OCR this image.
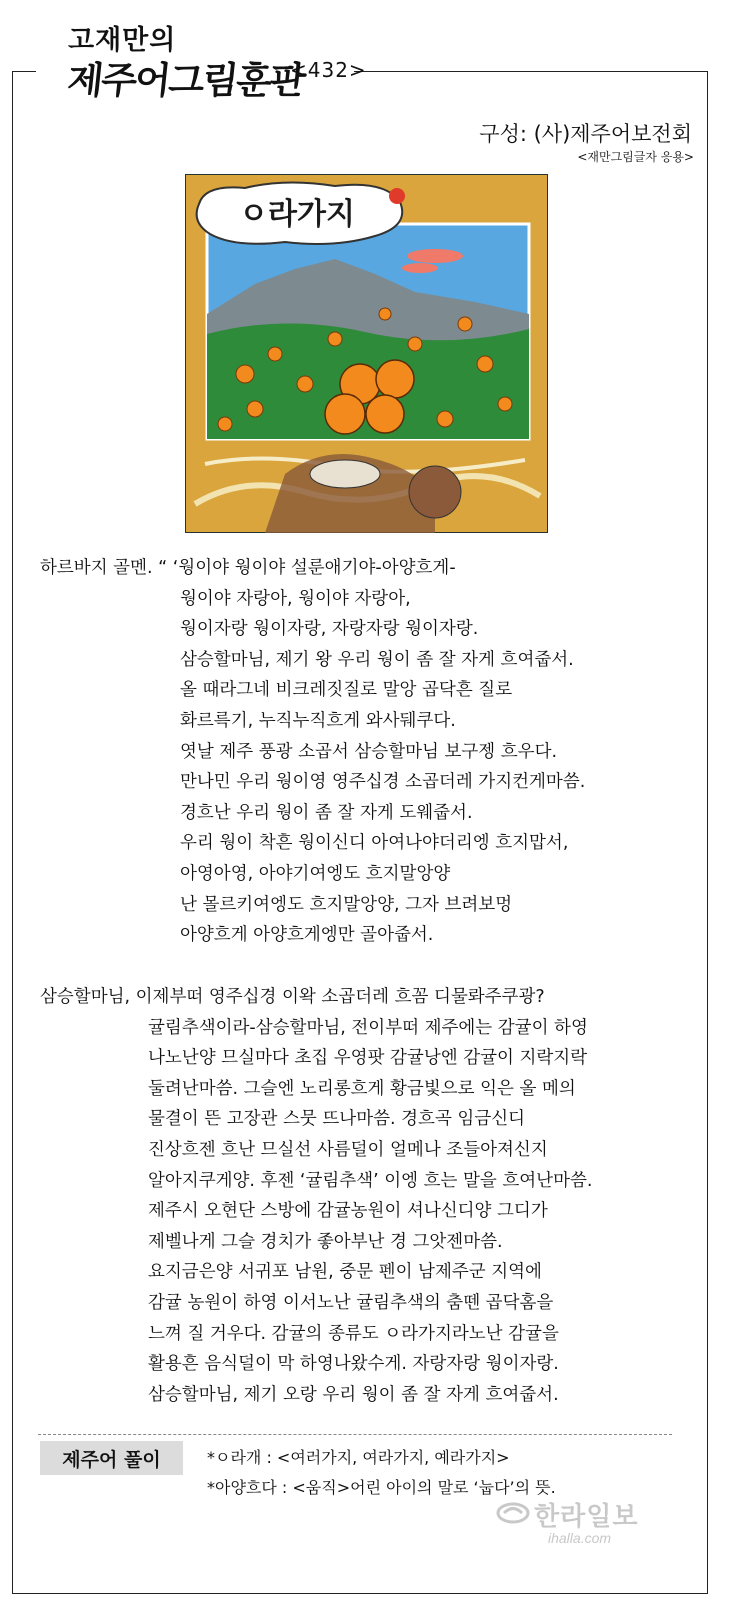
고재만의
제주어그림훈판
<432>
구성: (사)제주어보전회
<재만그림글자 응용>
ㅇ라가지
하르바지 골멘. “ ‘웡이야 웡이야 설룬애기야-아양흐게-
웡이야 자랑아, 웡이야 자랑아,
웡이자랑 웡이자랑, 자랑자랑 웡이자랑.
삼승할마님, 제기 왕 우리 웡이 좀 잘 자게 흐여줍서.
올 때라그네 비크레짓질로 말앙 곱닥흔 질로
화르륵기, 누직누직흐게 와사뒈쿠다.
엿날 제주 풍광 소곱서 삼승할마님 보구젱 흐우다.
만나민 우리 웡이영 영주십경 소곱더레 가지컨게마씀.
경흐난 우리 웡이 좀 잘 자게 도웨줍서.
우리 웡이 착흔 웡이신디 아여나야더리엥 흐지맙서,
아영아영, 아야기여엥도 흐지말앙양
난 몰르키여엥도 흐지말앙양, 그자 브려보멍
아양흐게 아양흐게엥만 골아줍서.
삼승할마님, 이제부떠 영주십경 이왁 소곱더레 흐꼼 디물롸주쿠광?
귤림추색이라-삼승할마님, 전이부떠 제주에는 감귤이 하영
나노난양 므실마다 초집 우영팟 감귤낭엔 감귤이 지락지락
둘려난마씀. 그슬엔 노리롱흐게 황금빛으로 익은 올 메의
물결이 뜬 고장관 스뭇 뜨나마씀. 경흐곡 임금신디
진상흐젠 흐난 므실선 사름덜이 얼메나 조들아져신지
알아지쿠게양. 후젠 ‘귤림추색’ 이엥 흐는 말을 흐여난마씀.
제주시 오현단 스방에 감귤농원이 셔나신디양 그디가
제벨나게 그슬 경치가 좋아부난 경 그앗젠마씀.
요지금은양 서귀포 남원, 중문 펜이 남제주군 지역에
감귤 농원이 하영 이서노난 귤림추색의 춤뗀 곱닥홈을
느껴 질 거우다. 감귤의 종류도 ㅇ라가지라노난 감귤을
활용흔 음식덜이 막 하영나왔수게. 자랑자랑 웡이자랑.
삼승할마님, 제기 오랑 우리 웡이 좀 잘 자게 흐여줍서.
제주어 풀이	*ㅇ라개 : <여러가지, 여라가지, 예라가지>
*아양흐다 : <움직>어린 아이의 말로 ‘눕다’의 뜻.
한라일보
ihalla.com
